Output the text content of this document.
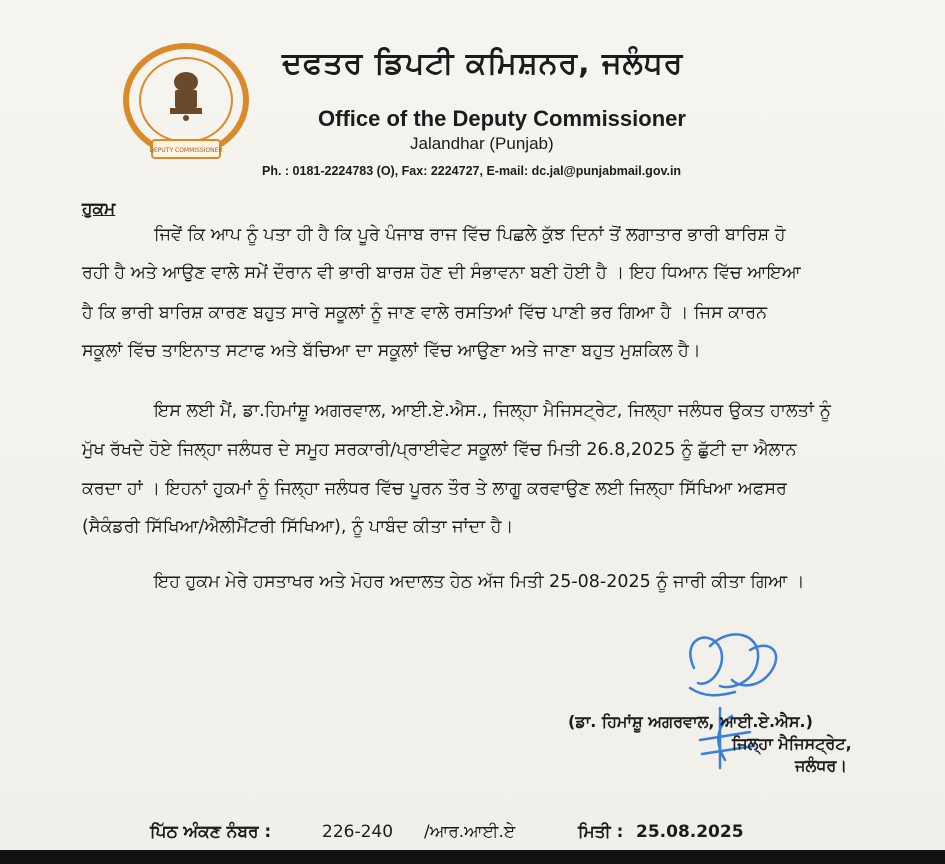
DEPUTY COMMISSIONER
ਦਫਤਰ ਡਿਪਟੀ ਕਮਿਸ਼ਨਰ, ਜਲੰਧਰ
Office of the Deputy Commissioner
Jalandhar (Punjab)
Ph. : 0181-2224783 (O), Fax: 2224727, E-mail: dc.jal@punjabmail.gov.in
ਹੁਕਮ
ਜਿਵੇਂ ਕਿ ਆਪ ਨੂੰ ਪਤਾ ਹੀ ਹੈ ਕਿ ਪੂਰੇ ਪੰਜਾਬ ਰਾਜ ਵਿੱਚ ਪਿਛਲੇ ਕੁੱਝ ਦਿਨਾਂ ਤੋਂ ਲਗਾਤਾਰ ਭਾਰੀ ਬਾਰਿਸ਼ ਹੋ
ਰਹੀ ਹੈ ਅਤੇ ਆਉਣ ਵਾਲੇ ਸਮੇਂ ਦੌਰਾਨ ਵੀ ਭਾਰੀ ਬਾਰਸ਼ ਹੋਣ ਦੀ ਸੰਭਾਵਨਾ ਬਣੀ ਹੋਈ ਹੈ । ਇਹ ਧਿਆਨ ਵਿੱਚ ਆਇਆ
ਹੈ ਕਿ ਭਾਰੀ ਬਾਰਿਸ਼ ਕਾਰਣ ਬਹੁਤ ਸਾਰੇ ਸਕੂਲਾਂ ਨੂੰ ਜਾਣ ਵਾਲੇ ਰਸਤਿਆਂ ਵਿੱਚ ਪਾਣੀ ਭਰ ਗਿਆ ਹੈ । ਜਿਸ ਕਾਰਨ
ਸਕੂਲਾਂ ਵਿੱਚ ਤਾਇਨਾਤ ਸਟਾਫ ਅਤੇ ਬੱਚਿਆ ਦਾ ਸਕੂਲਾਂ ਵਿੱਚ ਆਉਣਾ ਅਤੇ ਜਾਣਾ ਬਹੁਤ ਮੁਸ਼ਕਿਲ ਹੈ।
ਇਸ ਲਈ ਮੈਂ, ਡਾ.ਹਿਮਾਂਸ਼ੂ ਅਗਰਵਾਲ, ਆਈ.ਏ.ਐਸ., ਜਿਲ੍ਹਾ ਮੈਜਿਸਟ੍ਰੇਟ, ਜਿਲ੍ਹਾ ਜਲੰਧਰ ਉਕਤ ਹਾਲਤਾਂ ਨੂੰ
ਮੁੱਖ ਰੱਖਦੇ ਹੋਏ ਜਿਲ੍ਹਾ ਜਲੰਧਰ ਦੇ ਸਮੂਹ ਸਰਕਾਰੀ/ਪ੍ਰਾਈਵੇਟ ਸਕੂਲਾਂ ਵਿੱਚ ਮਿਤੀ 26.8,2025 ਨੂੰ ਛੁੱਟੀ ਦਾ ਐਲਾਨ
ਕਰਦਾ ਹਾਂ । ਇਹਨਾਂ ਹੁਕਮਾਂ ਨੂੰ ਜਿਲ੍ਹਾ ਜਲੰਧਰ ਵਿੱਚ ਪੂਰਨ ਤੌਰ ਤੇ ਲਾਗੂ ਕਰਵਾਉਣ ਲਈ ਜਿਲ੍ਹਾ ਸਿੱਖਿਆ ਅਫਸਰ
(ਸੈਕੰਡਰੀ ਸਿੱਖਿਆ/ਐਲੀਮੈਂਟਰੀ ਸਿੱਖਿਆ), ਨੂੰ ਪਾਬੰਦ ਕੀਤਾ ਜਾਂਦਾ ਹੈ।
ਇਹ ਹੁਕਮ ਮੇਰੇ ਹਸਤਾਖਰ ਅਤੇ ਮੋਹਰ ਅਦਾਲਤ ਹੇਠ ਅੱਜ ਮਿਤੀ 25-08-2025 ਨੂੰ ਜਾਰੀ ਕੀਤਾ ਗਿਆ ।
(ਡਾ. ਹਿਮਾਂਸ਼ੂ ਅਗਰਵਾਲ, ਆਈ.ਏ.ਐਸ.)
ਜਿਲ੍ਹਾ ਮੈਜਿਸਟ੍ਰੇਟ,
ਜਲੰਧਰ।
ਪਿੱਠ ਅੰਕਣ ਨੰਬਰ :	226-240 /ਆਰ.ਆਈ.ਏ	ਮਿਤੀ : 25.08.2025
